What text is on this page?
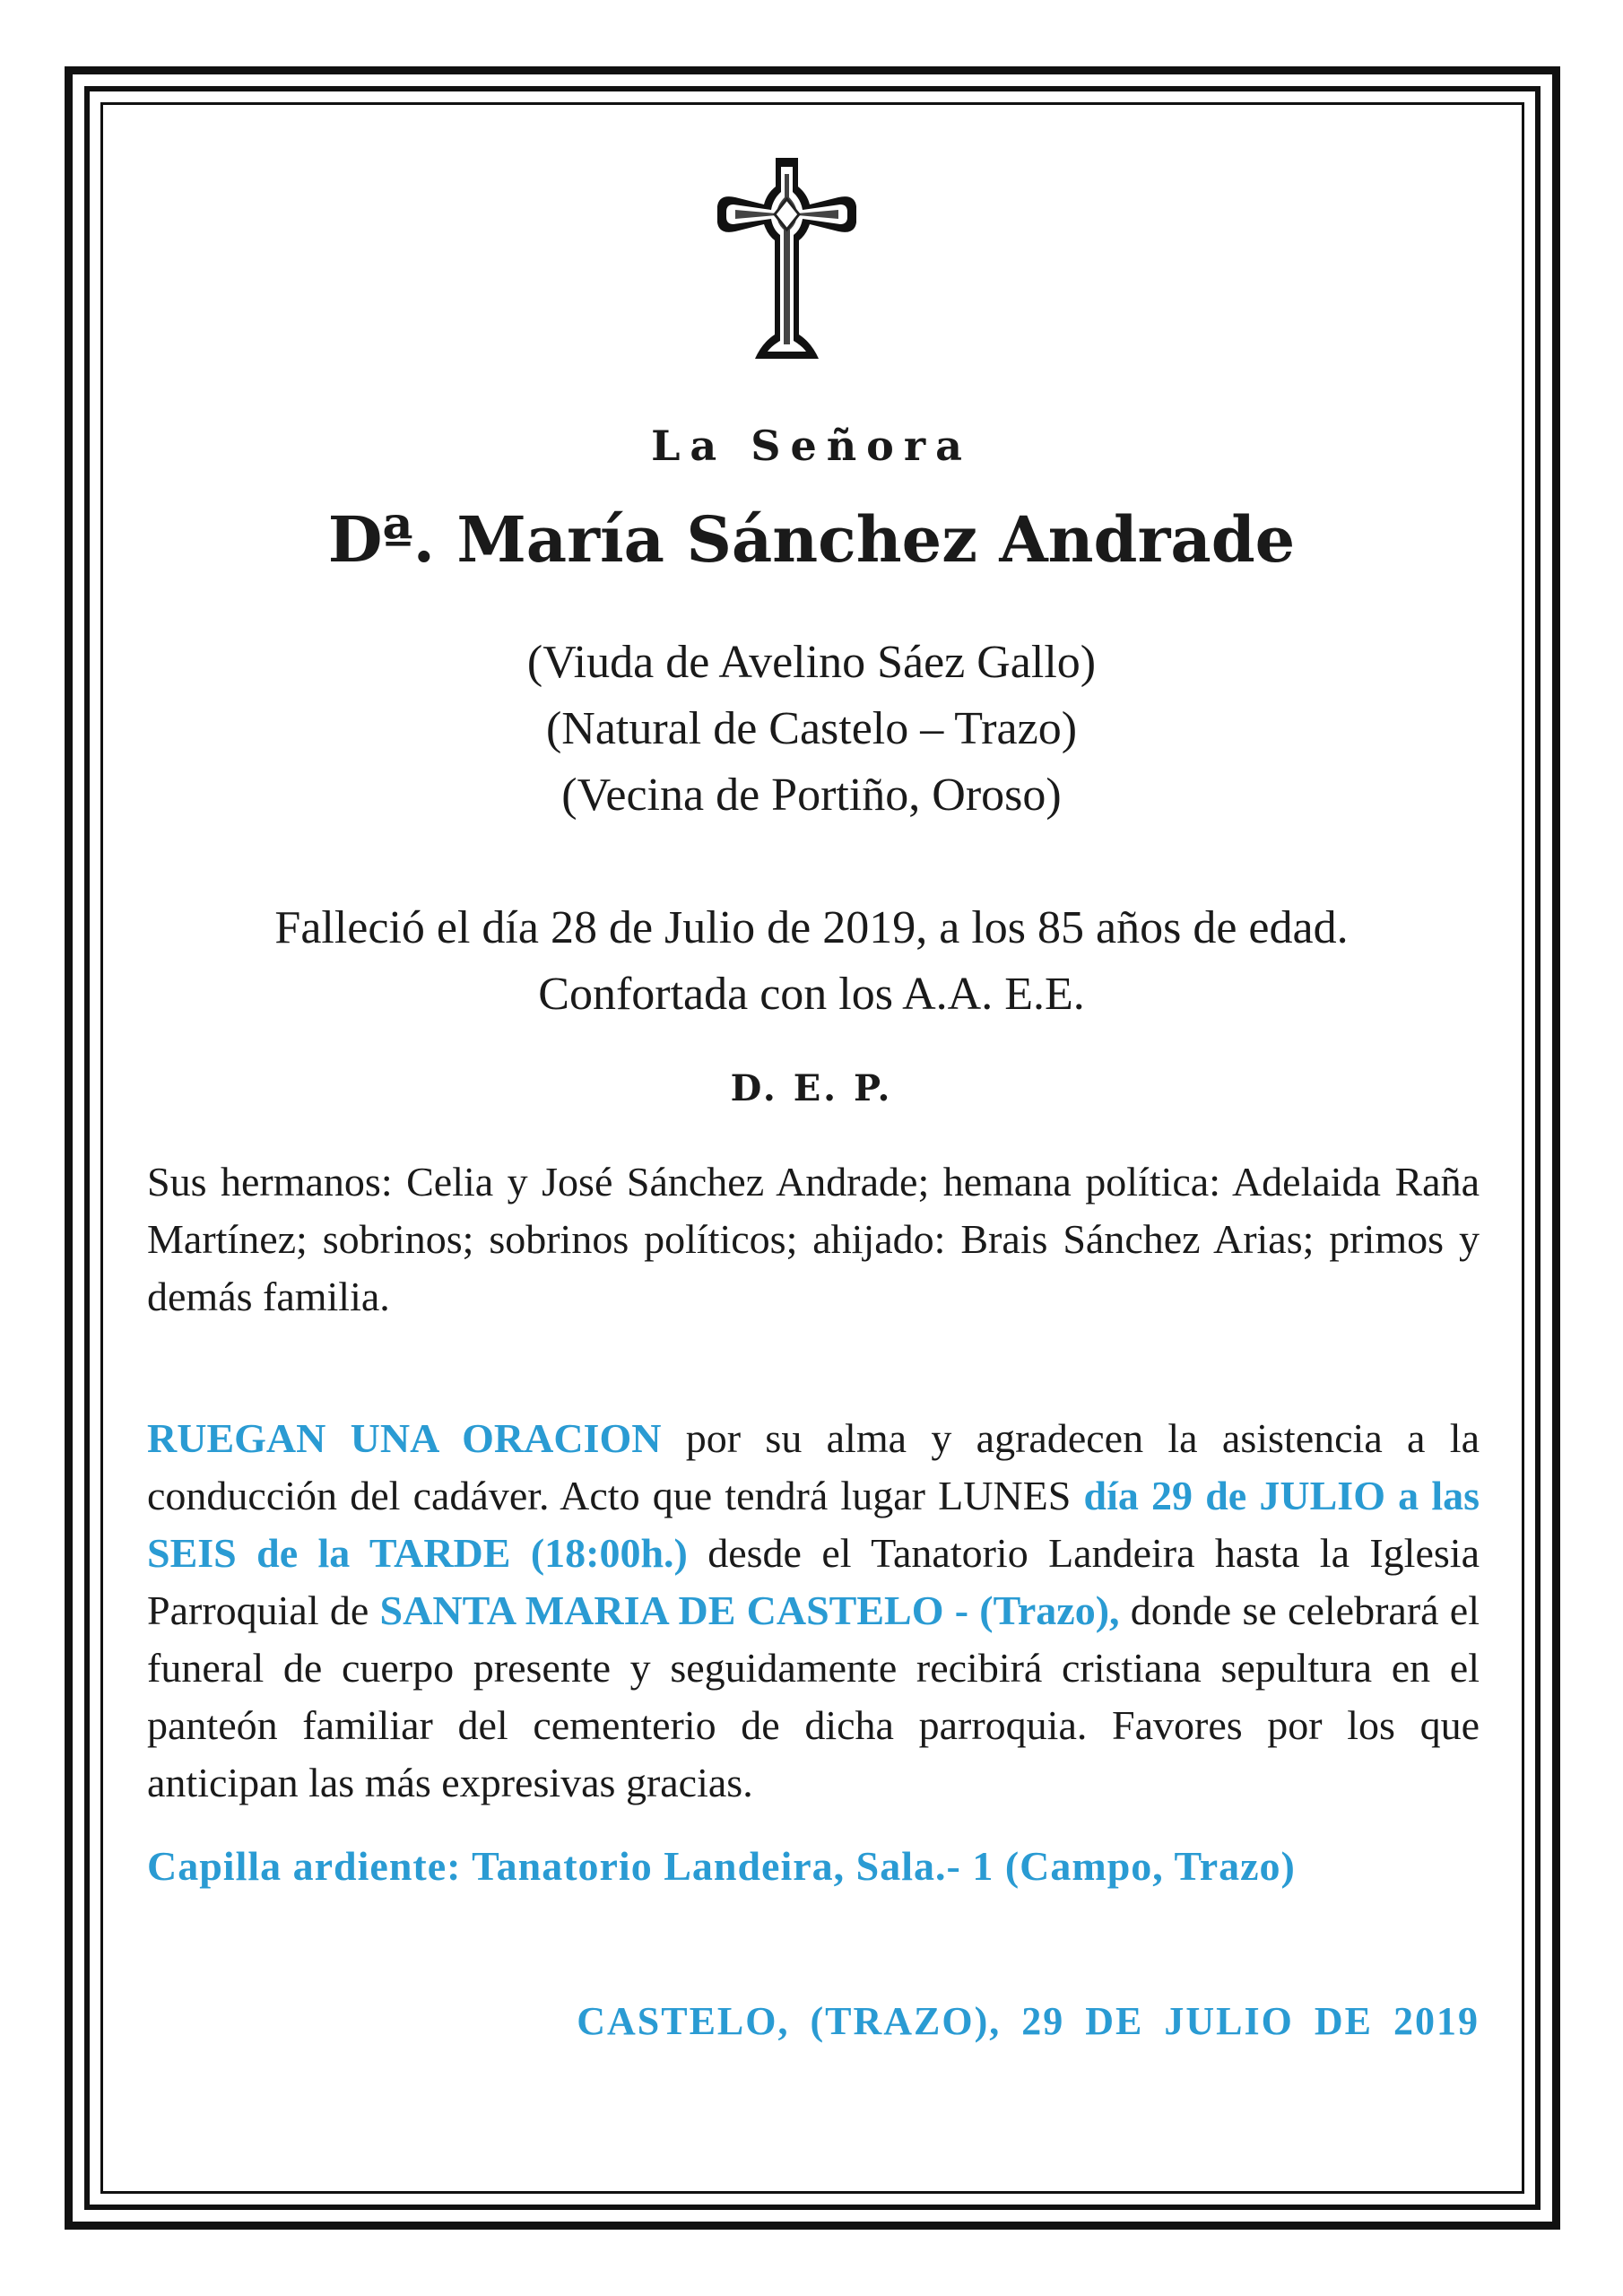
La Señora
Dª. María Sánchez Andrade
(Viuda de Avelino Sáez Gallo)
(Natural de Castelo – Trazo)
(Vecina de Portiño, Oroso)
Falleció el día 28 de Julio de 2019, a los 85 años de edad.
Confortada con los A.A. E.E.
D. E. P.
Sus hermanos: Celia y José Sánchez Andrade; hemana política: Adelaida Raña Martínez; sobrinos; sobrinos políticos; ahijado: Brais Sánchez Arias; primos y demás familia.
RUEGAN UNA ORACION por su alma y agradecen la asistencia a la conducción del cadáver. Acto que tendrá lugar LUNES día 29 de JULIO a las SEIS de la TARDE (18:00h.) desde el Tanatorio Landeira hasta la Iglesia Parroquial de SANTA MARIA DE CASTELO - (Trazo), donde se celebrará el funeral de cuerpo presente y seguidamente recibirá cristiana sepultura en el panteón familiar del cementerio de dicha parroquia. Favores por los que anticipan las más expresivas gracias.
Capilla ardiente: Tanatorio Landeira, Sala.- 1 (Campo, Trazo)
CASTELO, (TRAZO), 29 DE JULIO DE 2019
